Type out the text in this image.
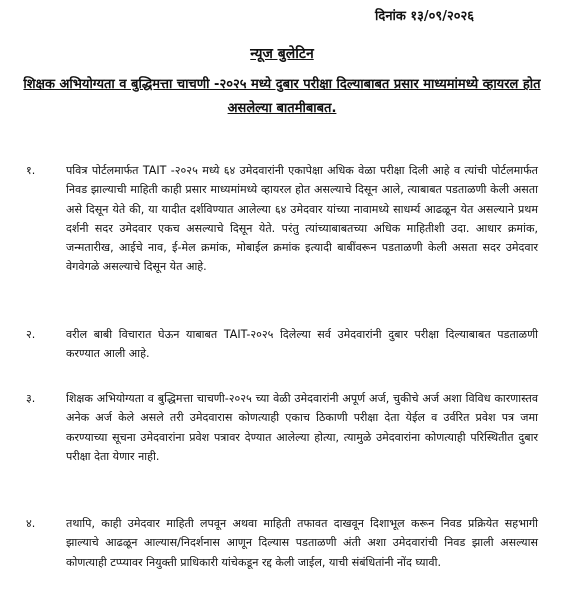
दिनांक १३/०९/२०२६
न्यूज बुलेटिन
शिक्षक अभियोग्यता व बुद्धिमत्ता चाचणी -२०२५ मध्ये दुबार परीक्षा दिल्याबाबत प्रसार माध्यमांमध्ये व्हायरल होत असलेल्या बातमीबाबत.
१.	पवित्र पोर्टलमार्फत TAIT -२०२५ मध्ये ६४ उमेदवारांनी एकापेक्षा अधिक वेळा परीक्षा दिली आहे व त्यांची पोर्टलमार्फत निवड झाल्याची माहिती काही प्रसार माध्यमांमध्ये व्हायरल होत असल्याचे दिसून आले, त्याबाबत पडताळणी केली असता असे दिसून येते की, या यादीत दर्शविण्यात आलेल्या ६४ उमेदवार यांच्या नावामध्ये साधर्म्य आढळून येत असल्याने प्रथम दर्शनी सदर उमेदवार एकच असल्याचे दिसून येते. परंतु त्यांच्याबाबतच्या अधिक माहितीशी उदा. आधार क्रमांक, जन्मतारीख, आईचे नाव, ई-मेल क्रमांक, मोबाईल क्रमांक इत्यादी बाबींवरून पडताळणी केली असता सदर उमेदवार वेगवेगळे असल्याचे दिसून येत आहे.
२.	वरील बाबी विचारात घेऊन याबाबत TAIT-२०२५ दिलेल्या सर्व उमेदवारांनी दुबार परीक्षा दिल्याबाबत पडताळणी करण्यात आली आहे.
३.	शिक्षक अभियोग्यता व बुद्धिमत्ता चाचणी-२०२५ च्या वेळी उमेदवारांनी अपूर्ण अर्ज, चुकीचे अर्ज अशा विविध कारणास्तव अनेक अर्ज केले असले तरी उमेदवारास कोणत्याही एकाच ठिकाणी परीक्षा देता येईल व उर्वरित प्रवेश पत्र जमा करण्याच्या सूचना उमेदवारांना प्रवेश पत्रावर देण्यात आलेल्या होत्या, त्यामुळे उमेदवारांना कोणत्याही परिस्थितीत दुबार परीक्षा देता येणार नाही.
४.	तथापि, काही उमेदवार माहिती लपवून अथवा माहिती तफावत दाखवून दिशाभूल करून निवड प्रक्रियेत सहभागी झाल्याचे आढळून आल्यास/निदर्शनास आणून दिल्यास पडताळणी अंती अशा उमेदवारांची निवड झाली असल्यास कोणत्याही टप्प्यावर नियुक्ती प्राधिकारी यांचेकडून रद्द केली जाईल, याची संबंधितांनी नोंद घ्यावी.
